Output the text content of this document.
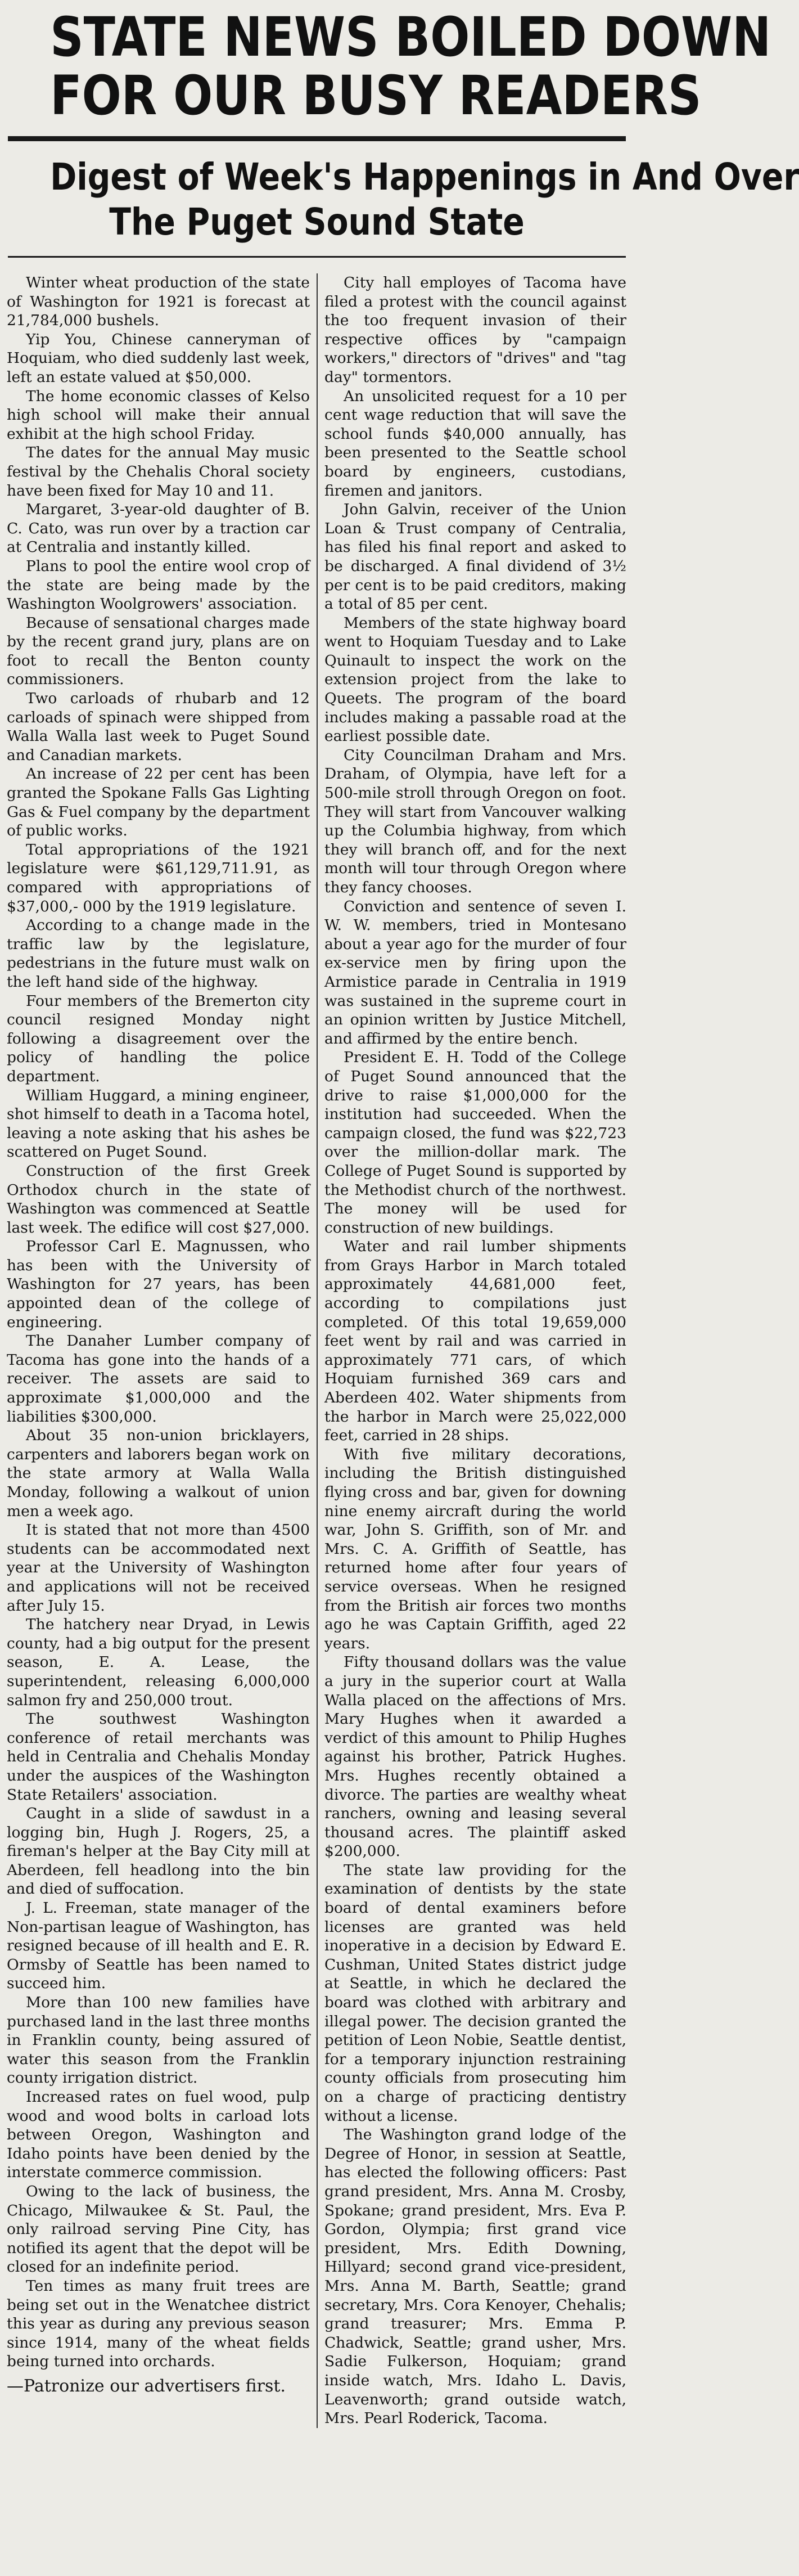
STATE NEWS BOILED DOWN
FOR OUR BUSY READERS
Digest of Week's Happenings in And Over
The Puget Sound State

Winter wheat production of the state of Washington for 1921 is forecast at 21,784,000 bushels.

Yip You, Chinese canneryman of Hoquiam, who died suddenly last week, left an estate valued at $50,000.

The home economic classes of Kelso high school will make their annual exhibit at the high school Friday.

The dates for the annual May music festival by the Chehalis Choral society have been fixed for May 10 and 11.

Margaret, 3-year-old daughter of B. C. Cato, was run over by a traction car at Centralia and instantly killed.

Plans to pool the entire wool crop of the state are being made by the Washington Woolgrowers' association.

Because of sensational charges made by the recent grand jury, plans are on foot to recall the Benton county commissioners.

Two carloads of rhubarb and 12 carloads of spinach were shipped from Walla Walla last week to Puget Sound and Canadian markets.

An increase of 22 per cent has been granted the Spokane Falls Gas Lighting Gas & Fuel company by the department of public works.

Total appropriations of the 1921 legislature were $61,129,711.91, as compared with appropriations of $37,000,- 000 by the 1919 legislature.

According to a change made in the traffic law by the legislature, pedestrians in the future must walk on the left hand side of the highway.

Four members of the Bremerton city council resigned Monday night following a disagreement over the policy of handling the police department.

William Huggard, a mining engineer, shot himself to death in a Tacoma hotel, leaving a note asking that his ashes be scattered on Puget Sound.

Construction of the first Greek Orthodox church in the state of Washington was commenced at Seattle last week. The edifice will cost $27,000.

Professor Carl E. Magnussen, who has been with the University of Washington for 27 years, has been appointed dean of the college of engineering.

The Danaher Lumber company of Tacoma has gone into the hands of a receiver. The assets are said to approximate $1,000,000 and the liabilities $300,000.

About 35 non-union bricklayers, carpenters and laborers began work on the state armory at Walla Walla Monday, following a walkout of union men a week ago.

It is stated that not more than 4500 students can be accommodated next year at the University of Washington and applications will not be received after July 15.

The hatchery near Dryad, in Lewis county, had a big output for the present season, E. A. Lease, the superintendent, releasing 6,000,000 salmon fry and 250,000 trout.

The southwest Washington conference of retail merchants was held in Centralia and Chehalis Monday under the auspices of the Washington State Retailers' association.

Caught in a slide of sawdust in a logging bin, Hugh J. Rogers, 25, a fireman's helper at the Bay City mill at Aberdeen, fell headlong into the bin and died of suffocation.

J. L. Freeman, state manager of the Non-partisan league of Washington, has resigned because of ill health and E. R. Ormsby of Seattle has been named to succeed him.

More than 100 new families have purchased land in the last three months in Franklin county, being assured of water this season from the Franklin county irrigation district.

Increased rates on fuel wood, pulp wood and wood bolts in carload lots between Oregon, Washington and Idaho points have been denied by the interstate commerce commission.

Owing to the lack of business, the Chicago, Milwaukee & St. Paul, the only railroad serving Pine City, has notified its agent that the depot will be closed for an indefinite period.

Ten times as many fruit trees are being set out in the Wenatchee district this year as during any previous season since 1914, many of the wheat fields being turned into orchards.

—Patronize our advertisers first.

City hall employes of Tacoma have filed a protest with the council against the too frequent invasion of their respective offices by "campaign workers," directors of "drives" and "tag day" tormentors.

An unsolicited request for a 10 per cent wage reduction that will save the school funds $40,000 annually, has been presented to the Seattle school board by engineers, custodians, firemen and janitors.

John Galvin, receiver of the Union Loan & Trust company of Centralia, has filed his final report and asked to be discharged. A final dividend of 3½ per cent is to be paid creditors, making a total of 85 per cent.

Members of the state highway board went to Hoquiam Tuesday and to Lake Quinault to inspect the work on the extension project from the lake to Queets. The program of the board includes making a passable road at the earliest possible date.

City Councilman Draham and Mrs. Draham, of Olympia, have left for a 500-mile stroll through Oregon on foot. They will start from Vancouver walking up the Columbia highway, from which they will branch off, and for the next month will tour through Oregon where they fancy chooses.

Conviction and sentence of seven I. W. W. members, tried in Montesano about a year ago for the murder of four ex-service men by firing upon the Armistice parade in Centralia in 1919 was sustained in the supreme court in an opinion written by Justice Mitchell, and affirmed by the entire bench.

President E. H. Todd of the College of Puget Sound announced that the drive to raise $1,000,000 for the institution had succeeded. When the campaign closed, the fund was $22,723 over the million-dollar mark. The College of Puget Sound is supported by the Methodist church of the northwest. The money will be used for construction of new buildings.

Water and rail lumber shipments from Grays Harbor in March totaled approximately 44,681,000 feet, according to compilations just completed. Of this total 19,659,000 feet went by rail and was carried in approximately 771 cars, of which Hoquiam furnished 369 cars and Aberdeen 402. Water shipments from the harbor in March were 25,022,000 feet, carried in 28 ships.

With five military decorations, including the British distinguished flying cross and bar, given for downing nine enemy aircraft during the world war, John S. Griffith, son of Mr. and Mrs. C. A. Griffith of Seattle, has returned home after four years of service overseas. When he resigned from the British air forces two months ago he was Captain Griffith, aged 22 years.

Fifty thousand dollars was the value a jury in the superior court at Walla Walla placed on the affections of Mrs. Mary Hughes when it awarded a verdict of this amount to Philip Hughes against his brother, Patrick Hughes. Mrs. Hughes recently obtained a divorce. The parties are wealthy wheat ranchers, owning and leasing several thousand acres. The plaintiff asked $200,000.

The state law providing for the examination of dentists by the state board of dental examiners before licenses are granted was held inoperative in a decision by Edward E. Cushman, United States district judge at Seattle, in which he declared the board was clothed with arbitrary and illegal power. The decision granted the petition of Leon Nobie, Seattle dentist, for a temporary injunction restraining county officials from prosecuting him on a charge of practicing dentistry without a license.

The Washington grand lodge of the Degree of Honor, in session at Seattle, has elected the following officers: Past grand president, Mrs. Anna M. Crosby, Spokane; grand president, Mrs. Eva P. Gordon, Olympia; first grand vice president, Mrs. Edith Downing, Hillyard; second grand vice-president, Mrs. Anna M. Barth, Seattle; grand secretary, Mrs. Cora Kenoyer, Chehalis; grand treasurer; Mrs. Emma P. Chadwick, Seattle; grand usher, Mrs. Sadie Fulkerson, Hoquiam; grand inside watch, Mrs. Idaho L. Davis, Leavenworth; grand outside watch, Mrs. Pearl Roderick, Tacoma.
